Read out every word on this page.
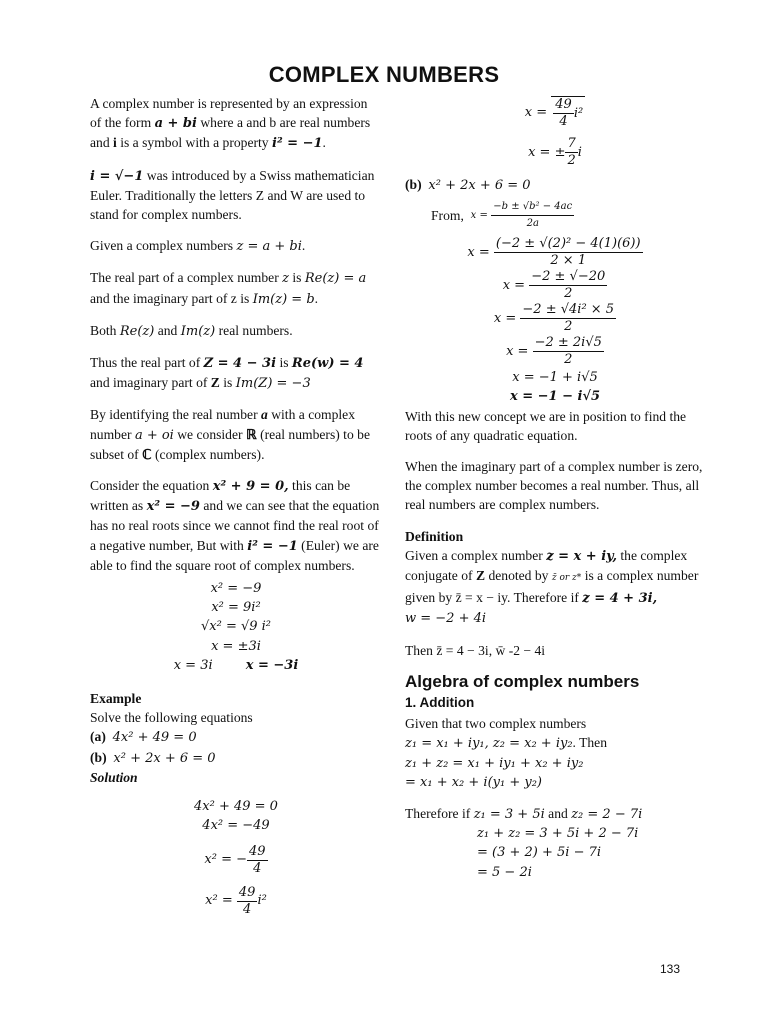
COMPLEX NUMBERS

A complex number is represented by an expression of the form a + bi where a and b are real numbers and i is a symbol with a property i² = −1.

i = √−1 was introduced by a Swiss mathematician Euler. Traditionally the letters Z and W are used to stand for complex numbers.

Given a complex numbers z = a + bi.

The real part of a complex number z is Re(z) = a and the imaginary part of z is Im(z) = b.

Both Re(z) and Im(z) real numbers.

Thus the real part of Z = 4 − 3i is Re(w) = 4 and imaginary part of Z is Im(Z) = −3

By identifying the real number a with a complex number a + oi we consider ℝ (real numbers) to be subset of ℂ (complex numbers).

Consider the equation x² + 9 = 0, this can be written as x² = −9 and we can see that the equation has no real roots since we cannot find the real root of a negative number, But with i² = −1 (Euler) we are able to find the square root of complex numbers.

x² = −9

x² = 9i²

√x² = √9 i²

x = ±3i

x = 3i	x = −3i

Example
Solve the following equations
(a) 4x² + 49 = 0
(b) x² + 2x + 6 = 0
Solution

4x² + 49 = 0

4x² = −49

x² = − $\frac{49}{4}$
x² =
$\frac{49}{4} i^2$
x =
$\frac{49}{4} i^2$
x = ± $\frac{7}{2}$ i
(b) x² + 2x + 6 = 0
From,
x =
$\frac{\text{−b ± √b² − 4ac}}{2a}$
x =
$\frac{\text{(−2 ± √(2)² − 4(1)(6))}}{2 \times 1}$
x =
$\frac{-2 \pm √-20}{2}$
x =
$\frac{\text{−2 ± √4i² × 5}}{2}$
x =
$\frac{-2 \pm 2i√5}{2}$

x = −1 + i√5

x = −1 − i√5

With this new concept we are in position to find the roots of any quadratic equation.

When the imaginary part of a complex number is zero, the complex number becomes a real number. Thus, all real numbers are complex numbers.

Definition

Given a complex number z = x + iy, the complex conjugate of Z denoted by z̄ or z* is a complex number given by z̄ = x − iy. Therefore if z = 4 + 3i,
w = −2 + 4i

Then z̄ = 4 − 3i, w̄ -2 − 4i

Algebra of complex numbers
1. Addition
Given that two complex numbers
z₁ = x₁ + iy₁, z₂ = x₂ + iy₂. Then
z₁ + z₂ = x₁ + iy₁ + x₂ + iy₂
= x₁ + x₂ + i(y₁ + y₂)
Therefore if z₁ = 3 + 5i and z₂ = 2 − 7i
z₁ + z₂ = 3 + 5i + 2 − 7i
= (3 + 2) + 5i − 7i
= 5 − 2i
133
